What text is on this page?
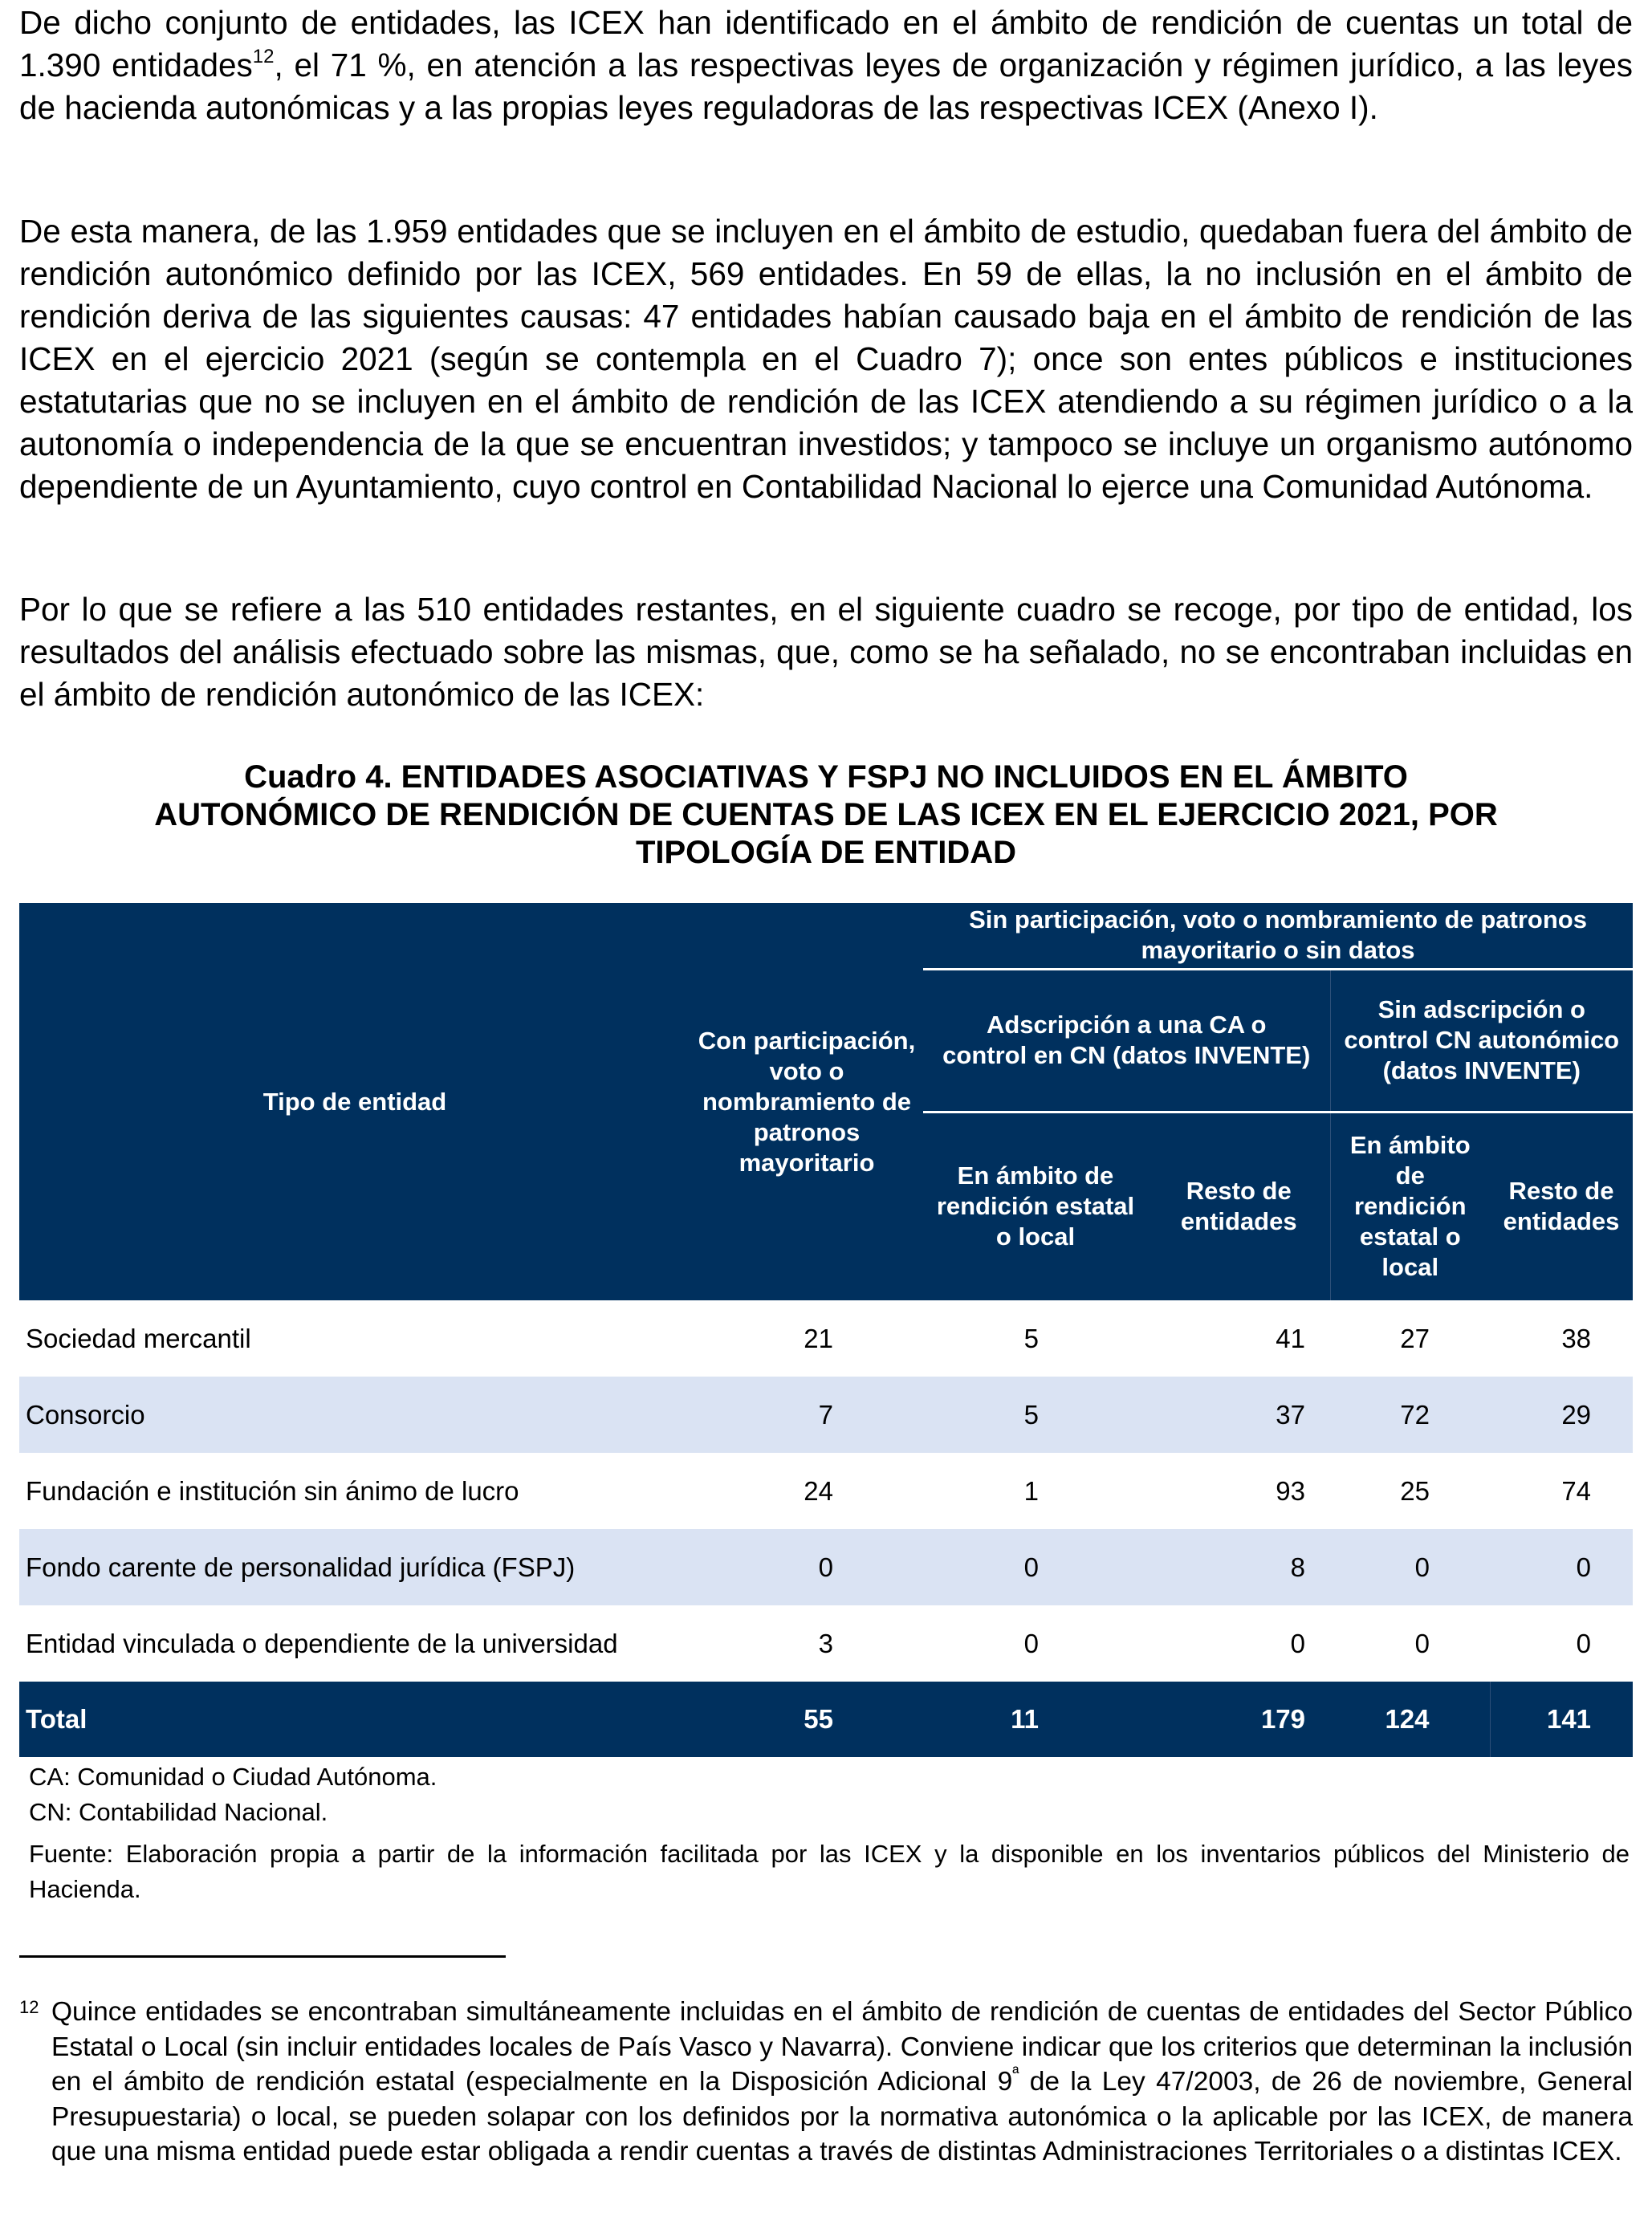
De dicho conjunto de entidades, las ICEX han identificado en el ámbito de rendición de cuentas un total de 1.390 entidades$^{12}$, el 71 %, en atención a las respectivas leyes de organización y régimen jurídico, a las leyes de hacienda autonómicas y a las propias leyes reguladoras de las respectivas ICEX (Anexo I).

De esta manera, de las 1.959 entidades que se incluyen en el ámbito de estudio, quedaban fuera del ámbito de rendición autonómico definido por las ICEX, 569 entidades. En 59 de ellas, la no inclusión en el ámbito de rendición deriva de las siguientes causas: 47 entidades habían causado baja en el ámbito de rendición de las ICEX en el ejercicio 2021 (según se contempla en el Cuadro 7); once son entes públicos e instituciones estatutarias que no se incluyen en el ámbito de rendición de las ICEX atendiendo a su régimen jurídico o a la autonomía o independencia de la que se encuentran investidos; y tampoco se incluye un organismo autónomo dependiente de un Ayuntamiento, cuyo control en Contabilidad Nacional lo ejerce una Comunidad Autónoma.

Por lo que se refiere a las 510 entidades restantes, en el siguiente cuadro se recoge, por tipo de entidad, los resultados del análisis efectuado sobre las mismas, que, como se ha señalado, no se encontraban incluidas en el ámbito de rendición autonómico de las ICEX:

Cuadro 4. ENTIDADES ASOCIATIVAS Y FSPJ NO INCLUIDOS EN EL ÁMBITO
AUTONÓMICO DE RENDICIÓN DE CUENTAS DE LAS ICEX EN EL EJERCICIO 2021, POR
TIPOLOGÍA DE ENTIDAD
Tipo de entidad	Con participación, voto o nombramiento de patronos mayoritario	Sin participación, voto o nombramiento de patronos mayoritario o sin datos			
		Adscripción a una CA o control en CN (datos INVENTE)		Sin adscripción o control CN autonómico (datos INVENTE)	
		En ámbito de rendición estatal o local	Resto de entidades	En ámbito de rendición estatal o local	Resto de entidades
Sociedad mercantil	21	5	41	27	38
Consorcio	7	5	37	72	29
Fundación e institución sin ánimo de lucro	24	1	93	25	74
Fondo carente de personalidad jurídica (FSPJ)	0	0	8	0	0
Entidad vinculada o dependiente de la universidad	3	0	0	0	0
Total	55	11	179	124	141
CA: Comunidad o Ciudad Autónoma.
CN: Contabilidad Nacional.
Fuente: Elaboración propia a partir de la información facilitada por las ICEX y la disponible en los inventarios públicos del Ministerio de Hacienda.
12 Quince entidades se encontraban simultáneamente incluidas en el ámbito de rendición de cuentas de entidades del Sector Público Estatal o Local (sin incluir entidades locales de País Vasco y Navarra). Conviene indicar que los criterios que determinan la inclusión en el ámbito de rendición estatal (especialmente en la Disposición Adicional $9^ª$ de la Ley 47/2003, de 26 de noviembre, General Presupuestaria) o local, se pueden solapar con los definidos por la normativa autonómica o la aplicable por las ICEX, de manera que una misma entidad puede estar obligada a rendir cuentas a través de distintas Administraciones Territoriales o a distintas ICEX.
